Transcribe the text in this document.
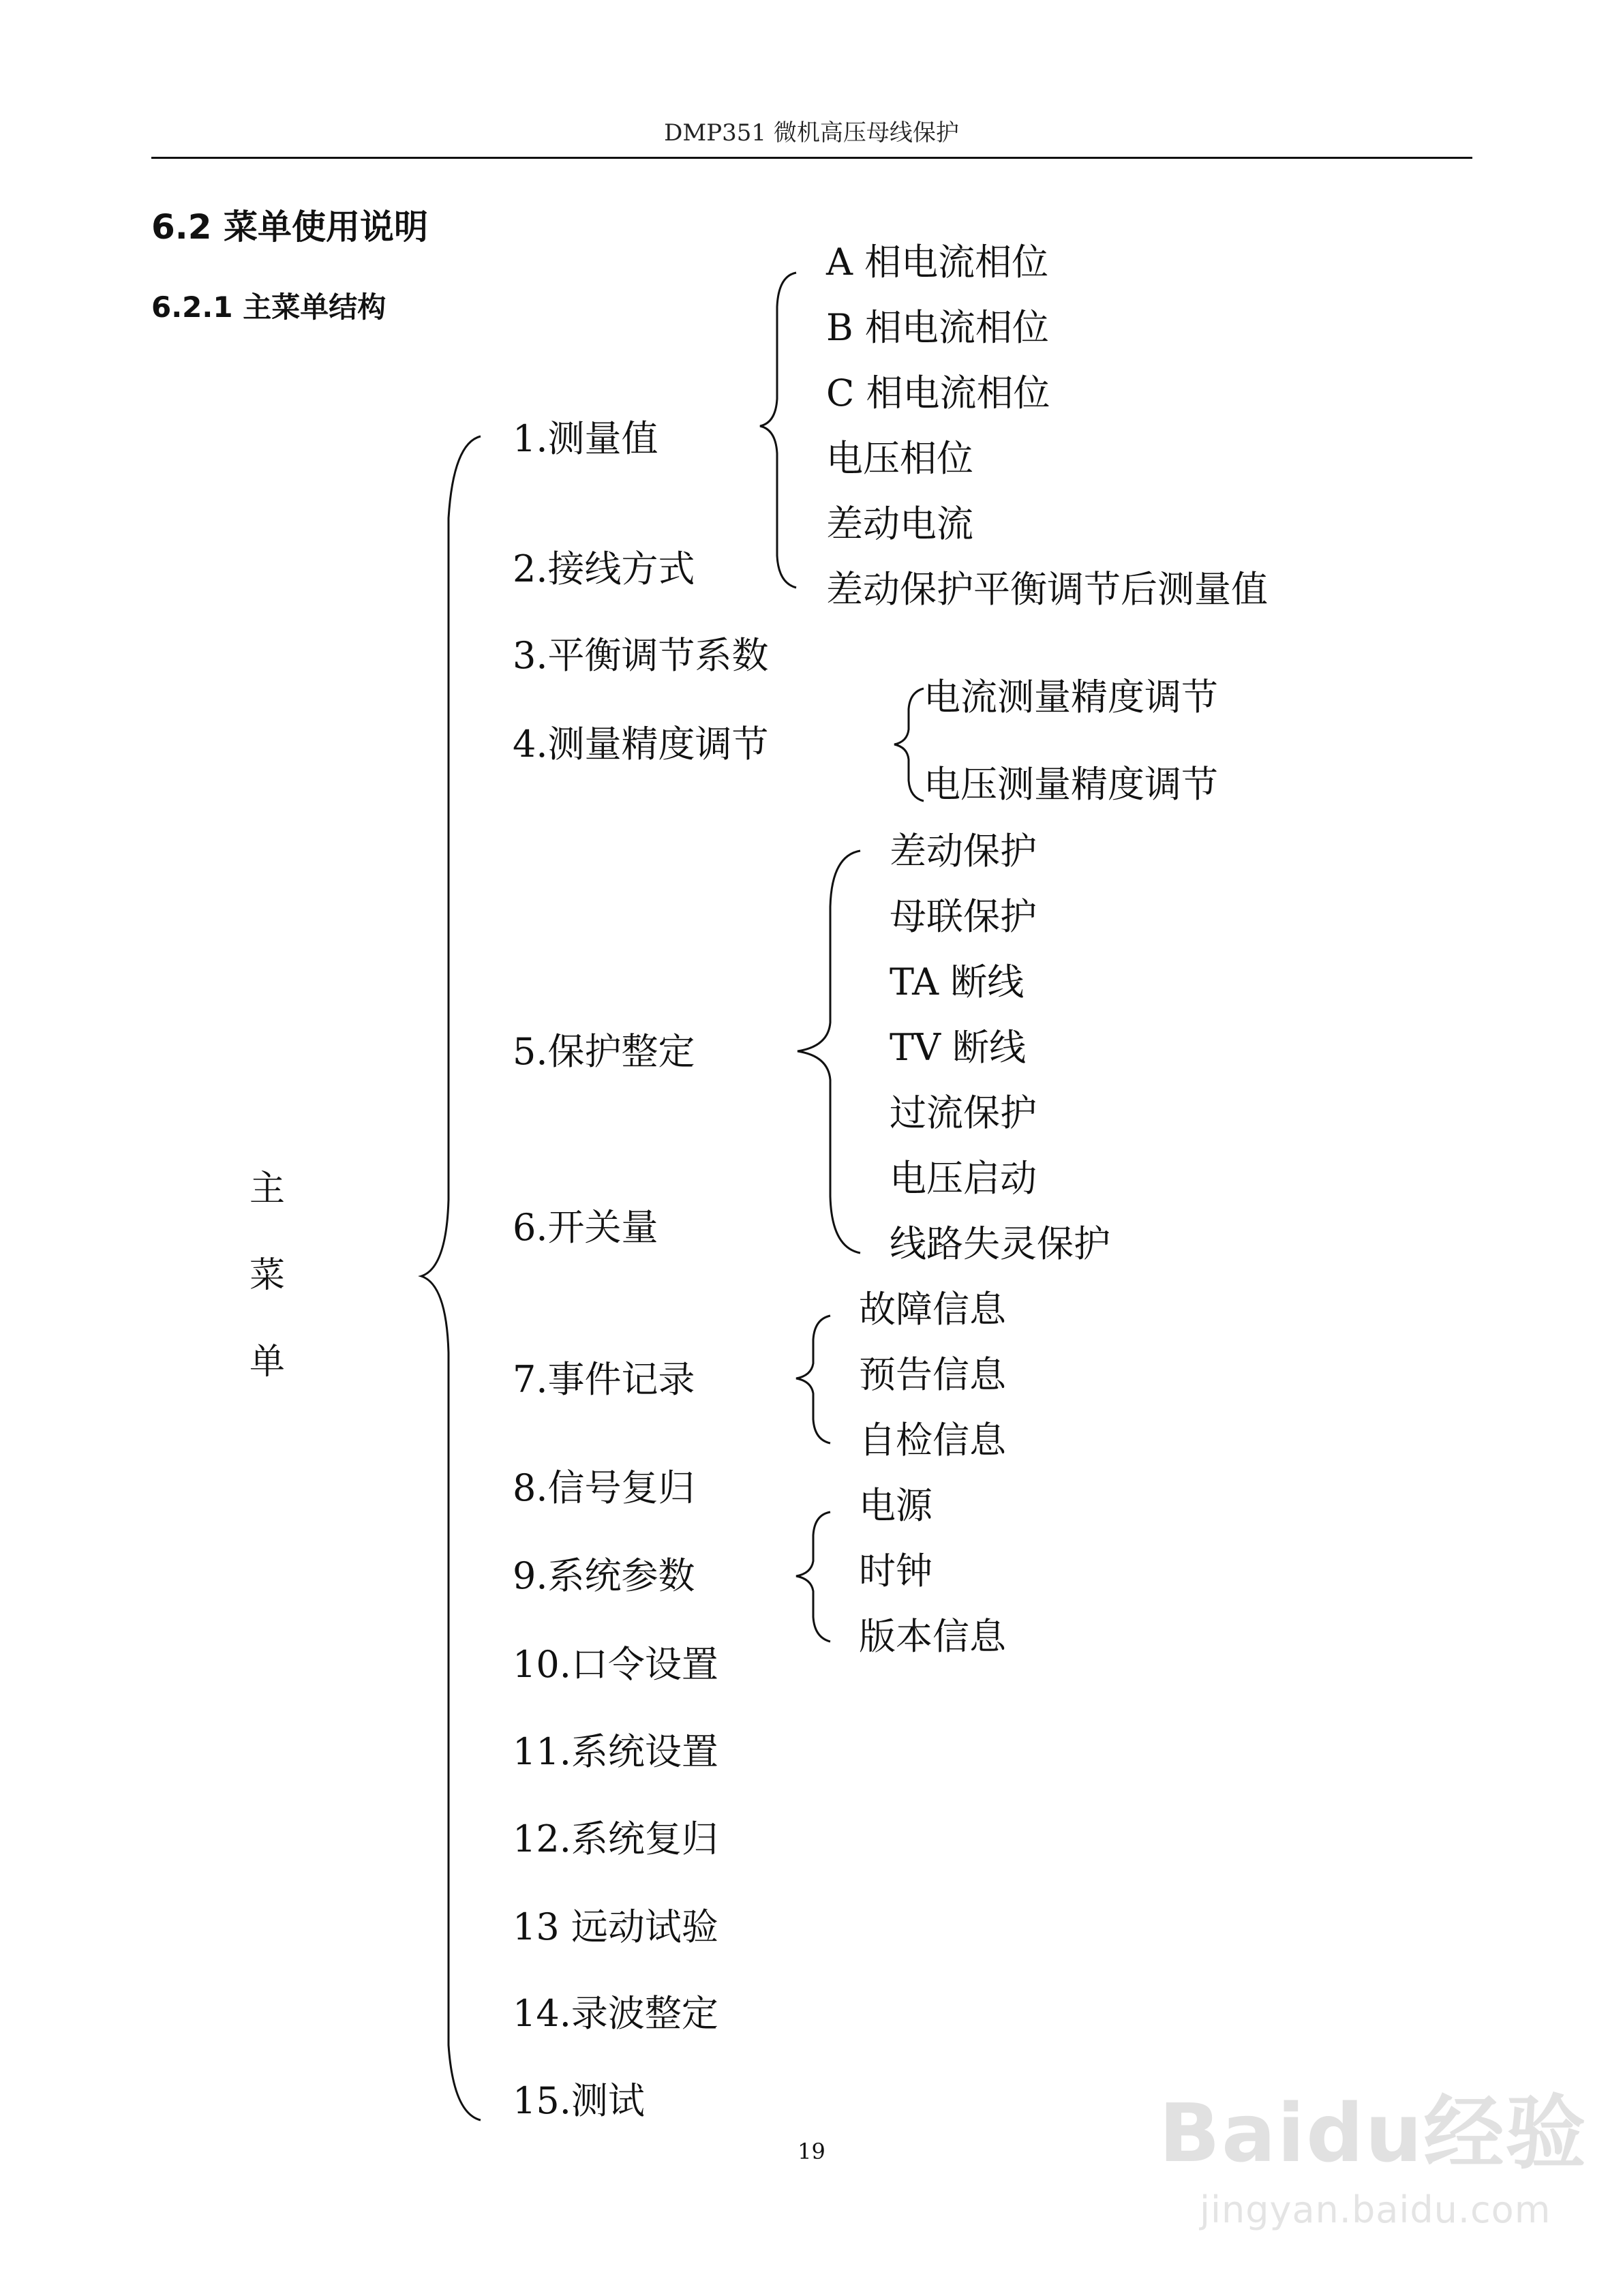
DMP351 微机高压母线保护
6.2 菜单使用说明
6.2.1 主菜单结构
主
菜
单
1.测量值
2.接线方式
3.平衡调节系数
4.测量精度调节
5.保护整定
6.开关量
7.事件记录
8.信号复归
9.系统参数
10.口令设置
11.系统设置
12.系统复归
13 远动试验
14.录波整定
15.测试
A 相电流相位
B 相电流相位
C 相电流相位
电压相位
差动电流
差动保护平衡调节后测量值
电流测量精度调节
电压测量精度调节
差动保护
母联保护
TA 断线
TV 断线
过流保护
电压启动
线路失灵保护
故障信息
预告信息
自检信息
电源
时钟
版本信息
19	Baidu经验
jingyan.baidu.com
